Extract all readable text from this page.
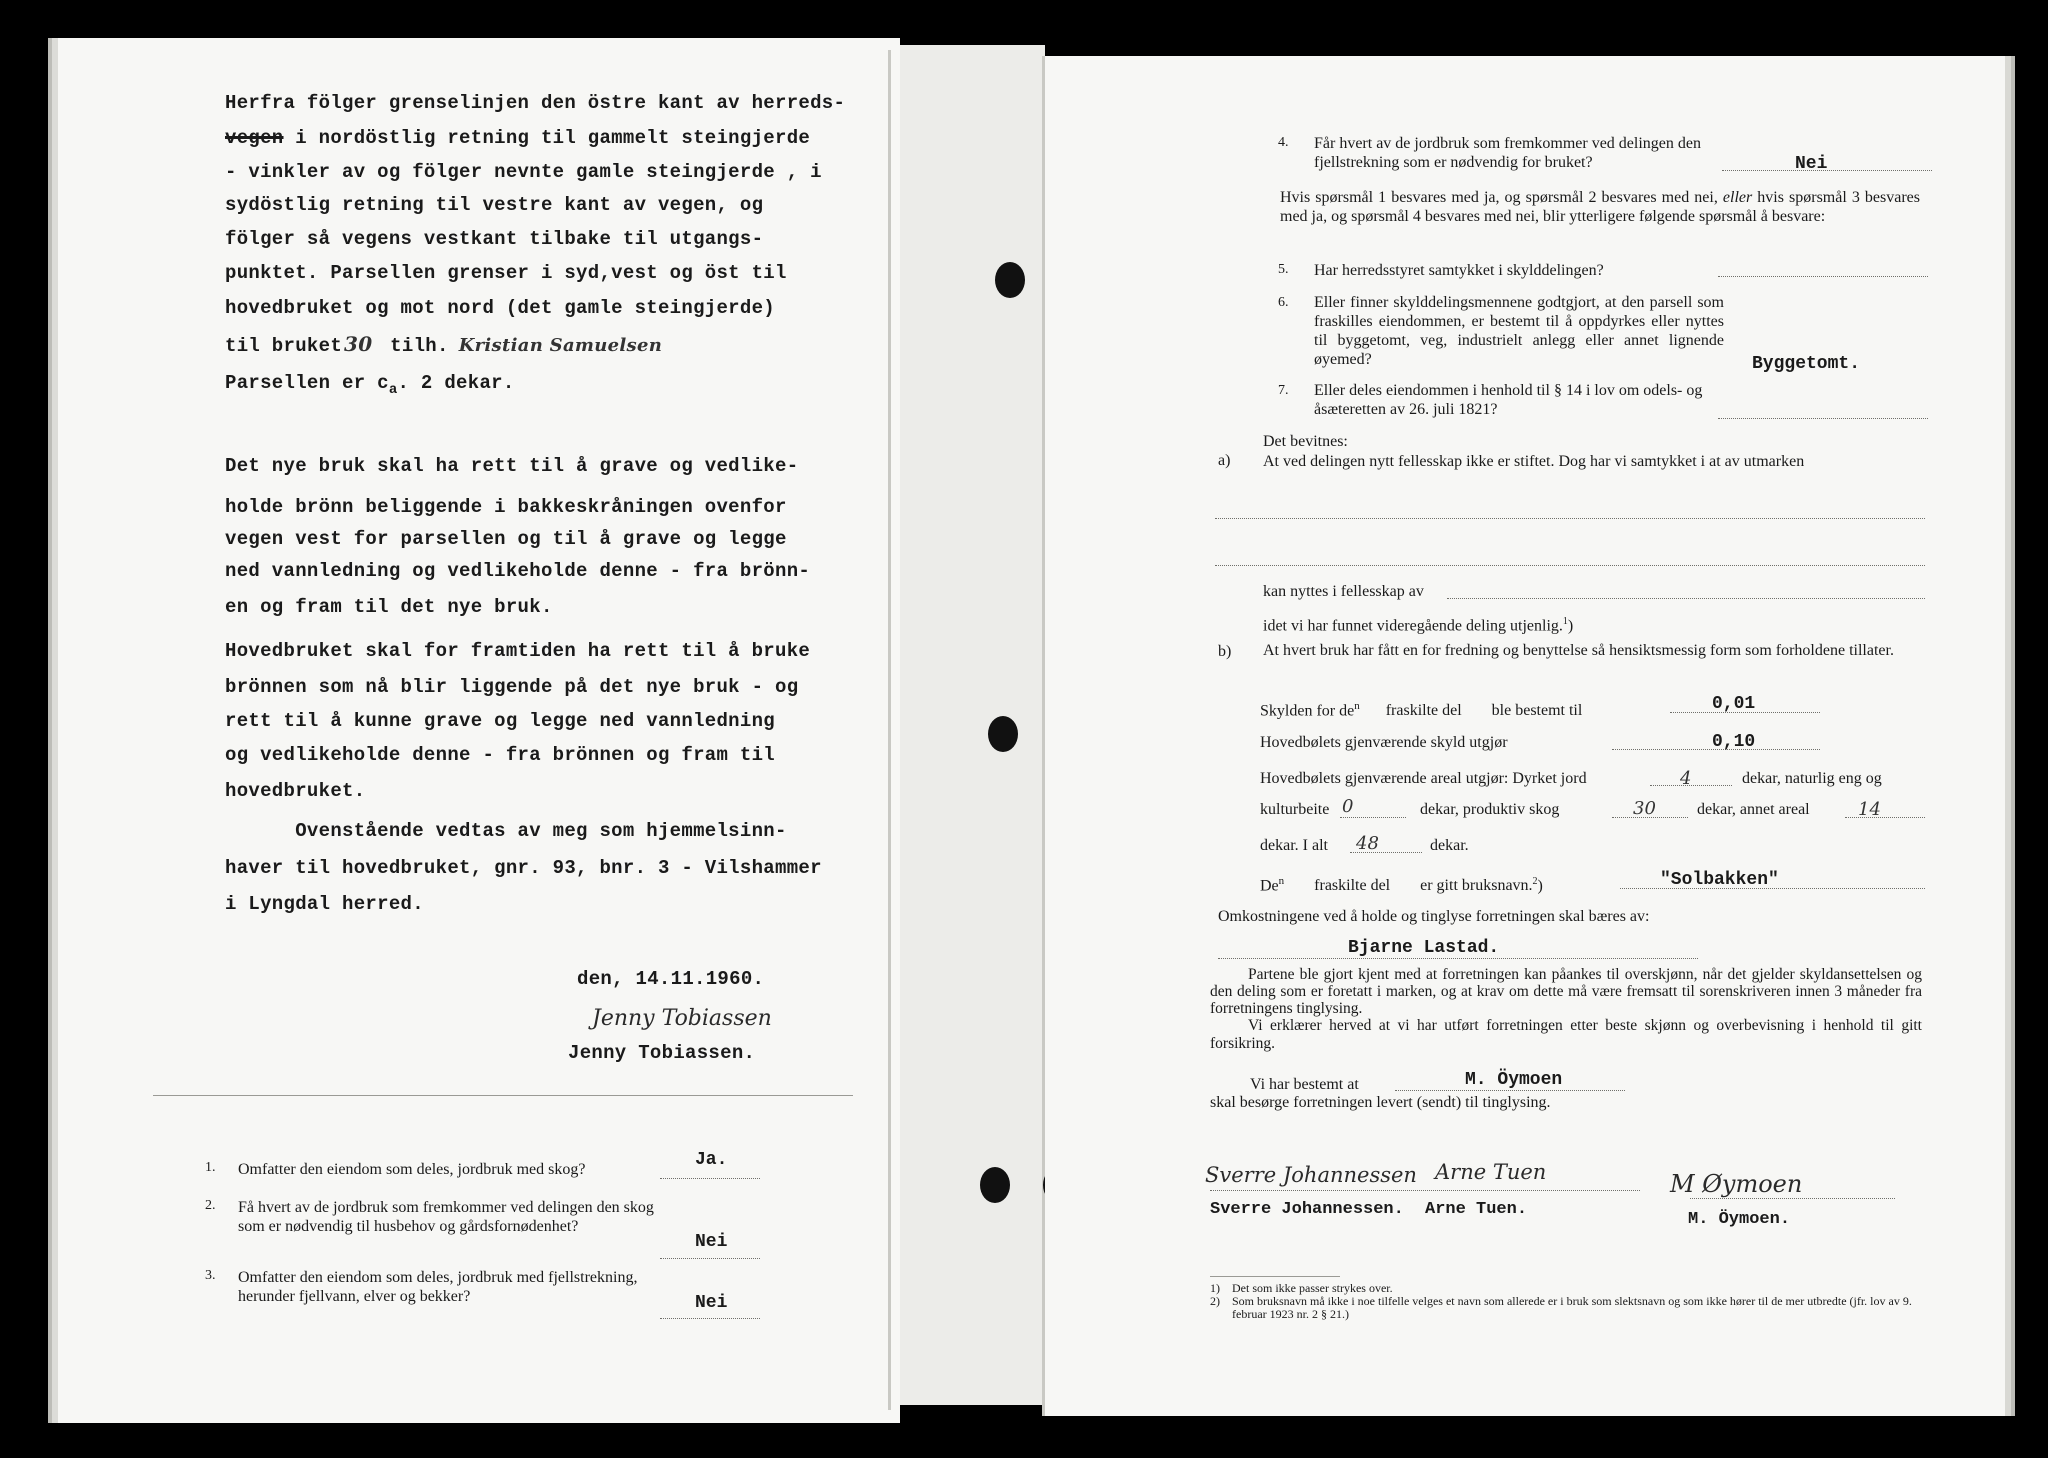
Herfra fölger grenselinjen den östre kant av herreds-
vegen i nordöstlig retning til gammelt steingjerde
- vinkler av og fölger nevnte gamle steingjerde , i
sydöstlig retning til vestre kant av vegen, og
fölger så vegens vestkant tilbake til utgangs-
punktet. Parsellen grenser i syd,vest og öst til
hovedbruket og mot nord (det gamle steingjerde)
til bruket 30 tilh. Kristian Samuelsen
Parsellen er $c_a$. 2 dekar.
Det nye bruk skal ha rett til å grave og vedlike-
holde brönn beliggende i bakkeskråningen ovenfor
vegen vest for parsellen og til å grave og legge
ned vannledning og vedlikeholde denne - fra brönn-
en og fram til det nye bruk.
Hovedbruket skal for framtiden ha rett til å bruke
brönnen som nå blir liggende på det nye bruk - og
rett til å kunne grave og legge ned vannledning
og vedlikeholde denne - fra brönnen og fram til
hovedbruket.
Ovenstående vedtas av meg som hjemmelsinn-
haver til hovedbruket, gnr. 93, bnr. 3 - Vilshammer
i Lyngdal herred.
den, 14.11.1960.
Jenny Tobiassen
Jenny Tobiassen.
1. Omfatter den eiendom som deles, jordbruk med skog?	Ja.
2. Få hvert av de jordbruk som fremkommer ved delingen den skog som er nødvendig til husbehov og gårdsfornødenhet?
Nei
3. Omfatter den eiendom som deles, jordbruk med fjellstrekning, herunder fjellvann, elver og bekker?	Nei
4. Får hvert av de jordbruk som fremkommer ved delingen den fjellstrekning som er nødvendig for bruket?	Nei
Hvis spørsmål 1 besvares med ja, og spørsmål 2 besvares med nei, eller hvis spørsmål 3 besvares med ja, og spørsmål 4 besvares med nei, blir ytterligere følgende spørsmål å besvare:
5. Har herredsstyret samtykket i skylddelingen?
6. Eller finner skylddelingsmennene godtgjort, at den parsell som fraskilles eiendommen, er bestemt til å oppdyrkes eller nyttes til byggetomt, veg, industrielt anlegg eller annet lignende øyemed?	Byggetomt.
7. Eller deles eiendommen i henhold til § 14 i lov om odels- og åsæteretten av 26. juli 1821?
Det bevitnes:
a) At ved delingen nytt fellesskap ikke er stiftet. Dog har vi samtykket i at av utmarken
kan nyttes i fellesskap av
idet vi har funnet videregående deling utjenlig.$^1$)
b) At hvert bruk har fått en for fredning og benyttelse så hensiktsmessig form som forholdene tillater.
Skylden for $de^n$ fraskilte del ble bestemt til	0,01
Hovedbølets gjenværende skyld utgjør	0,10
Hovedbølets gjenværende areal utgjør: Dyrket jord	4	dekar, naturlig eng og
kulturbeite 0	dekar, produktiv skog	30	dekar, annet areal	14
dekar. I alt 48	dekar.
De$^n$ fraskilte del er gitt bruksnavn.$^2$)	"Solbakken"
Omkostningene ved å holde og tinglyse forretningen skal bæres av:
Bjarne Lastad.
Partene ble gjort kjent med at forretningen kan påankes til overskjønn, når det gjelder skyldansettelsen og den deling som er foretatt i marken, og at krav om dette må være fremsatt til sorenskriveren innen 3 måneder fra forretningens tinglysing.
Vi erklærer herved at vi har utført forretningen etter beste skjønn og overbevisning i henhold til gitt forsikring.
Vi har bestemt at	M. Öymoen
skal besørge forretningen levert (sendt) til tinglysing.
Sverre Johannessen Arne Tuen	M Øymoen
Sverre Johannessen. Arne Tuen.
M. Öymoen.
1) Det som ikke passer strykes over.
2) Som bruksnavn må ikke i noe tilfelle velges et navn som allerede er i bruk som slektsnavn og som ikke hører til de mer utbredte (jfr. lov av 9. februar 1923 nr. 2 § 21.)
